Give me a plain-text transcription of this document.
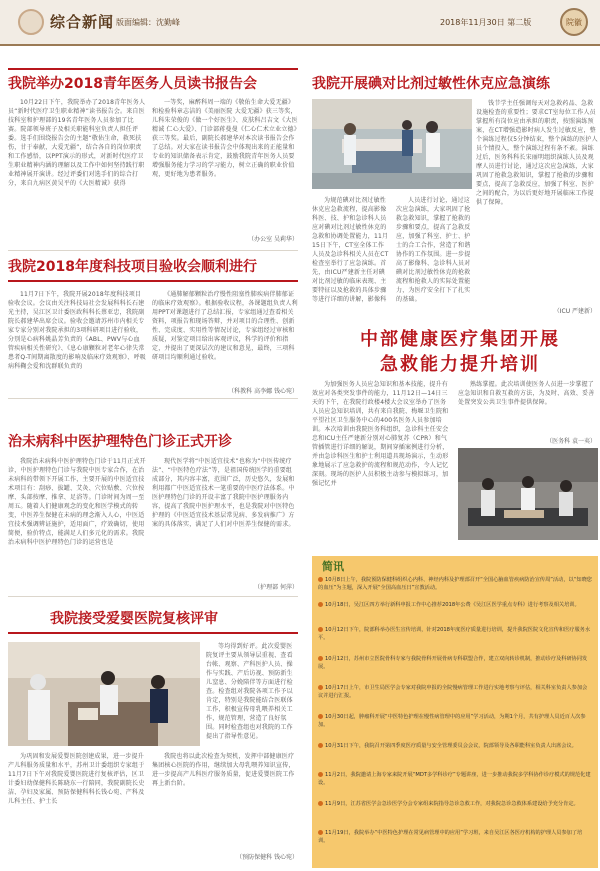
综合新闻 版面编辑：沈勤峰	2018年11月30日 第二版	院徽
我院举办2018青年医务人员读书报告会
10月22日下午，我院举办了2018青年医务人员“新时代医疗卫生职业精神”读书报告会。来自医技科室和护理部的19名青年医务人员参加了比赛。院部领导班子及相关职能科室负责人担任评委。选手们围绕报告会的主题“敬佑生命，救死扶伤，甘于奉献，大爱无疆”，结合各自的岗位职责和工作感悟，以PPT演示的形式，对新时代医疗卫生职业精神内涵的理解以及工作中如何坚持践行职业精神展开演讲。经过评委们对选手们的综合打分，来自九病区黄吴平的《大医精诚》获得
一等奖，麻醉科周一端的《敬佑生命大爱无疆》和检验科章志洁的《美丽医院 大爱无疆》获三等奖，儿科朱荣俊的《做一个好医生》、皮肤科吕吉文《大医精诚 仁心大爱》、门诊部蒋曼曼《仁心仁术立业立德》获三等奖。最后，副院长郝建华对本次读书报告会作了总结。对大家在读书报告会中体现出来的正能量和专业的知识储备表示肯定，鼓励我院青年医务人员要增强服务能力学习的学习能力，树立正确的职业价值观，更好地为患者服务。
（办公室 吴莉华）
我院开展碘对比剂过敏性休克应急演练
钱节学主任强调每天对急救药品、急救设施检查的重要性；要求CT室每位工作人员掌握所有岗位应由承担的职责，按照演练预案，在CT增强造影时病人发生过敏反应，整个演练过程仅5分钟结束，整个演练的医护人员个情投入，整个演练过程有条不紊。演练过后，医务科科长宋丽明组织演练人员及观摩人员进行讨论，通过这次应急演练，大家巩固了抢救急救知识，掌握了抢救的步骤和要点，提高了急救反应，加强了科室、医护之间的配合，为以后更好地开展临床工作提供了保障。
为规范碘对比剂过敏性休克应急救流程，提高影像科医、技、护和急诊科人员应对碘对比剂过敏性休克的急救和协调处置能力，11月15日下午，CT室全体工作人员及急诊科相关人员在CT检查室举行了应急演练。首先，由ICU严建新主任对碘对比剂过敏的临床表现、主要特征以及抢救的具体步骤等进行详细的讲解，影像科
人员进行讨论，通过这次应急演练，大家巩固了抢救急救知识，掌握了抢救的步骤和要点，提高了急救反应，加强了科室、护士、护士的合工合作，营造了和谐协作的工作氛围。进一步提高了影像科、急诊科人员对碘对比剂过敏性休克的抢救流程和抢救人的实际处置能力，为医疗安全打下了扎实的基础。
（ICU 严建新）
我院2018年度科技项目验收会顺利进行
11月7日下午，我院开展2018年度科技项目验收会议。会议由关注科技局社会发展科科长石建光主持，吴江区卫计委医政科科长蔡亚忠，我院副院长郝建华出席会议。验收会邀请苏州市内相关专家专家分别对我院承担的3项科研项目进行验收，分别是心病科姚晶芳负责的《ABL、PWV与心血管疾病相关性研究》、《息心康颗粒对老年心律失常患者Q-T间期离散度的影响及临床疗效观察》、呼吸病科鞠会爱和沈群联负责的
《通肺解郁颗粒治疗慢性阻塞性肺疾病伴肺郁证的临床疗效观察》。根据验收议程，各课题组负责人利用PPT对课题进行了总结汇报，专家组通过查看相关资料，项报告和现场答辩，并对项目的合理性、创新性、完成度、实用性等情况讨论，专家组经过审核和质疑，对鉴定项目给出客观评议，科学的评价和指定，并提出了更深层次的建议和意见，最终，三项科研项目均顺利通过验收。
（科教科 高李娜 钱心宛）
中部健康医疗集团开展
急救能力提升培训
为加强医务人员应急知识和基本技能，提升有效应对各类突发事件的能力，11月12日—14日三天的下午，在我院行政楼4楼大会议室举办了医务人员应急知识培训，共有来自我院、梅堰卫生院和平望社区卫生服务中心的400名医务人员参加培训。本次培训由我院医务科组织，急诊科主任安会忠和ICU主任严建新分别对心肺复苏（CPR）和气管插管进行详细的解说，期间穿插案例进行分析，并由急诊科医生和护士利用道具现场演示，生动形象地展示了应急救护的流程和规范动作，令人记忆深刻。现场的医护人员积极主动参与模拟练习，加强记忆并
熟练掌握。此次培训使医务人员进一步掌握了应急知识和自救互救的方法，为及时、高效、妥善处置突发公共卫生事件提供保障。
（医务科 袁一夷）
治未病科中医护理特色门诊正式开诊
我院治未病科中医护理特色门诊于11月正式开诊，中医护理特色门诊与我院中医专家合作，在治未病科的带领下开展工作，主要开展的中医适宜技术项目有：刮痧、拔罐、艾灸、穴位贴敷、穴位按摩、头部按摩、推拿、足浴等。门诊时间为周一至周五。随着人们健康观念的变化和医学模式的转变，中医养生保健在未病的理念渐入人心，中医适宜技术强调辨证施护，适用面广，疗效确切，使用简便，验价特点，能满足人们多元化的需求。我院治未病科中医护理特色门诊的运营也是
现代医学将“中医适宜技术”也称为“中医传统疗法”、“中医特色疗法”等，是祖国传统医学的重要组成部分，其内容丰富，范围广泛，历史悠久，发展和利用都广中医适宜技术一笔重要的中医疗法体系。中医护理特色门诊的开设丰富了我院中医护理服务内容，提高了我院中医护理水平，也是我院对中医特色护理的《中医适宜技术基层常见病、多发病推广》方案的具体落实，满足了人们对中医养生保健的需求。
（护理部 何萍）
我院接受爱婴医院复核评审
等均得到好评。此次爱婴医院复评主要从领导层重视、查看台帐、观察、产科医护人员、操作与实践、产后访视、预防新生儿窒息、分娩陪伴等方面进行检查。检查组对我院各项工作予以肯定，特别是我院能结合医联体工作，积极宣传母乳喂养相关工作，规范管理，营造了良好氛围。同时检查组也对我院的工作提出了指导性意见。
为巩固和发展爱婴医院创建成果，进一步提升产儿科服务质量和水平，苏州卫计委组织专家组于11月7日下午对我院爱婴医院进行复核评估，区卫计委妇幼保健科长陈晓东一行陪同，我院副院长史洁、孕妇及家属、预防保健科科长钱心宛、产科及儿科主任、护士长
我院也将以此次检查为契机，发挥中部健康医疗集团核心医院的作用，继续加大母乳喂养知识宣传，进一步提高产儿科医疗服务质量，促进爱婴医院工作再上新台阶。
（预防保健科 钱心宛）
简讯
10月8日上午，我院预防保健科组织心内科、神经内科及护理部召开“全国心脑血管疾病防治宣传周”活动，以“知晓您的血压”为主题，深入开展“全国高血压日”宣教活动。
10月18日，吴江区四方举行新科申报工作中心推荐2018年公费《吴江区医学重点专科》进行考察及相关培训。
10月12日下午，院部科举办医生宣传培训，针对2018年度医疗质量进行培训，提升我院医院文化宣传和医疗服务水平。
10月12日，苏州市立医院骨科专家与我院骨科开展骨病专科联盟合作，建立双向转诊机制，推动诊疗及科研协同发展。
10月17日上午，市卫生局医学会专家对我院申报的全院慢病管理工作进行实地考察与评估，相关科室负责人参加会议并进行汇报。
10月30日起，肿瘤科开展“中医特色护理在慢性病管理中的应用”学习活动，为期1个月，共有护理人员近百人次参加。
10月31日下午，我院召开第四季度医疗质量与安全管理委员会会议，院部领导及各职能科室负责人出席会议。
11月2日，我院邀请上海专家来院开展“MDT多学科诊疗”专题讲座，进一步推动我院多学科协作诊疗模式的规范化建设。
11月9日，江苏省医学会急诊医学分会专家组来院指导急诊急救工作，对我院急诊急救体系建设给予充分肯定。
11月19日，我院举办“中医特色护理在常见病管理中的应用”学习班，来自吴江区各医疗机构的护理人员参加了培训。
